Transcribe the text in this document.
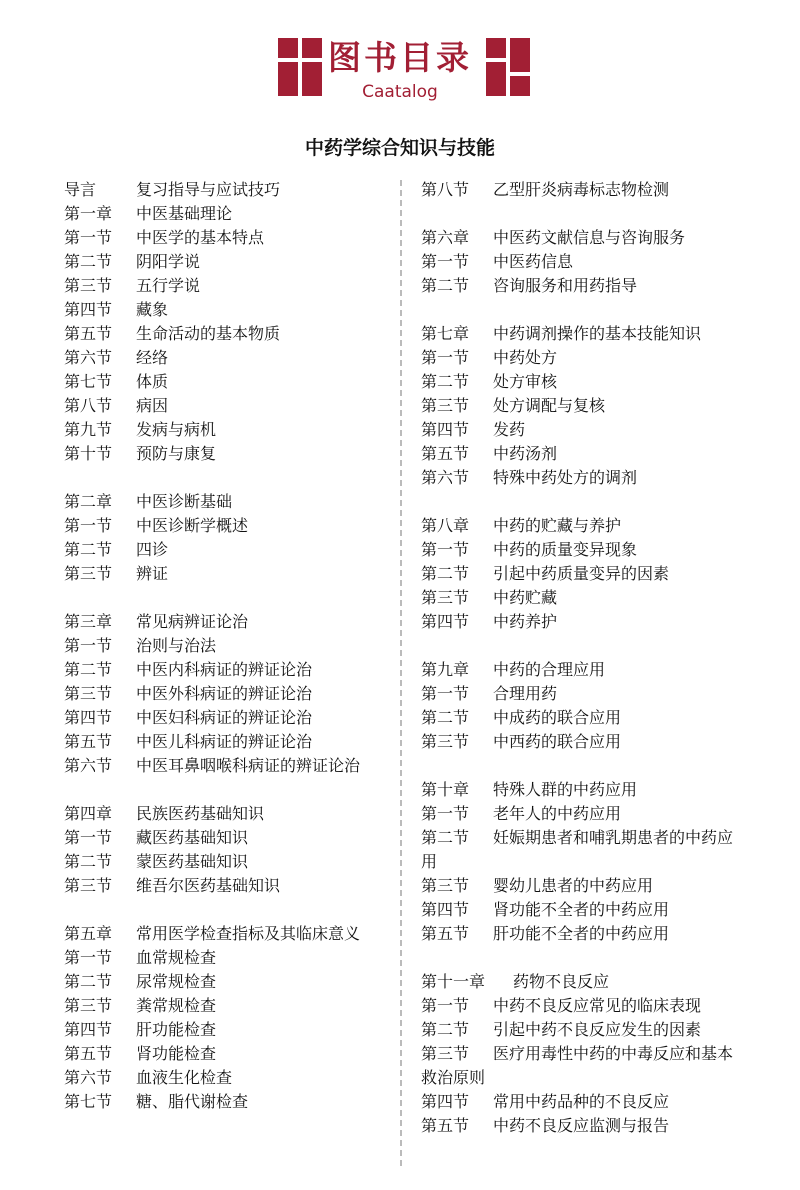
图书目录
Caatalog
中药学综合知识与技能
导言	复习指导与应试技巧
第一章	中医基础理论
第一节	中医学的基本特点
第二节	阴阳学说
第三节	五行学说
第四节	藏象
第五节	生命活动的基本物质
第六节	经络
第七节	体质
第八节	病因
第九节	发病与病机
第十节	预防与康复
第二章	中医诊断基础
第一节	中医诊断学概述
第二节	四诊
第三节	辨证
第三章	常见病辨证论治
第一节	治则与治法
第二节	中医内科病证的辨证论治
第三节	中医外科病证的辨证论治
第四节	中医妇科病证的辨证论治
第五节	中医儿科病证的辨证论治
第六节 中医耳鼻咽喉科病证的辨证论治
第四章	民族医药基础知识
第一节	藏医药基础知识
第二节	蒙医药基础知识
第三节	维吾尔医药基础知识
第五章 常用医学检查指标及其临床意义
第一节	血常规检查
第二节	尿常规检查
第三节	粪常规检查
第四节	肝功能检查
第五节	肾功能检查
第六节	血液生化检查
第七节	糖、脂代谢检查
第八节	乙型肝炎病毒标志物检测
第六章	中医药文献信息与咨询服务
第一节	中医药信息
第二节	咨询服务和用药指导
第七章	中药调剂操作的基本技能知识
第一节	中药处方
第二节	处方审核
第三节	处方调配与复核
第四节	发药
第五节	中药汤剂
第六节	特殊中药处方的调剂
第八章	中药的贮藏与养护
第一节	中药的质量变异现象
第二节	引起中药质量变异的因素
第三节	中药贮藏
第四节	中药养护
第九章	中药的合理应用
第一节	合理用药
第二节	中成药的联合应用
第三节	中西药的联合应用
第十章	特殊人群的中药应用
第一节	老年人的中药应用
第二节 妊娠期患者和哺乳期患者的中药应用
第三节	婴幼儿患者的中药应用
第四节	肾功能不全者的中药应用
第五节	肝功能不全者的中药应用
第十一章	药物不良反应
第一节	中药不良反应常见的临床表现
第二节	引起中药不良反应发生的因素
第三节 医疗用毒性中药的中毒反应和基本救治原则
第四节	常用中药品种的不良反应
第五节	中药不良反应监测与报告
